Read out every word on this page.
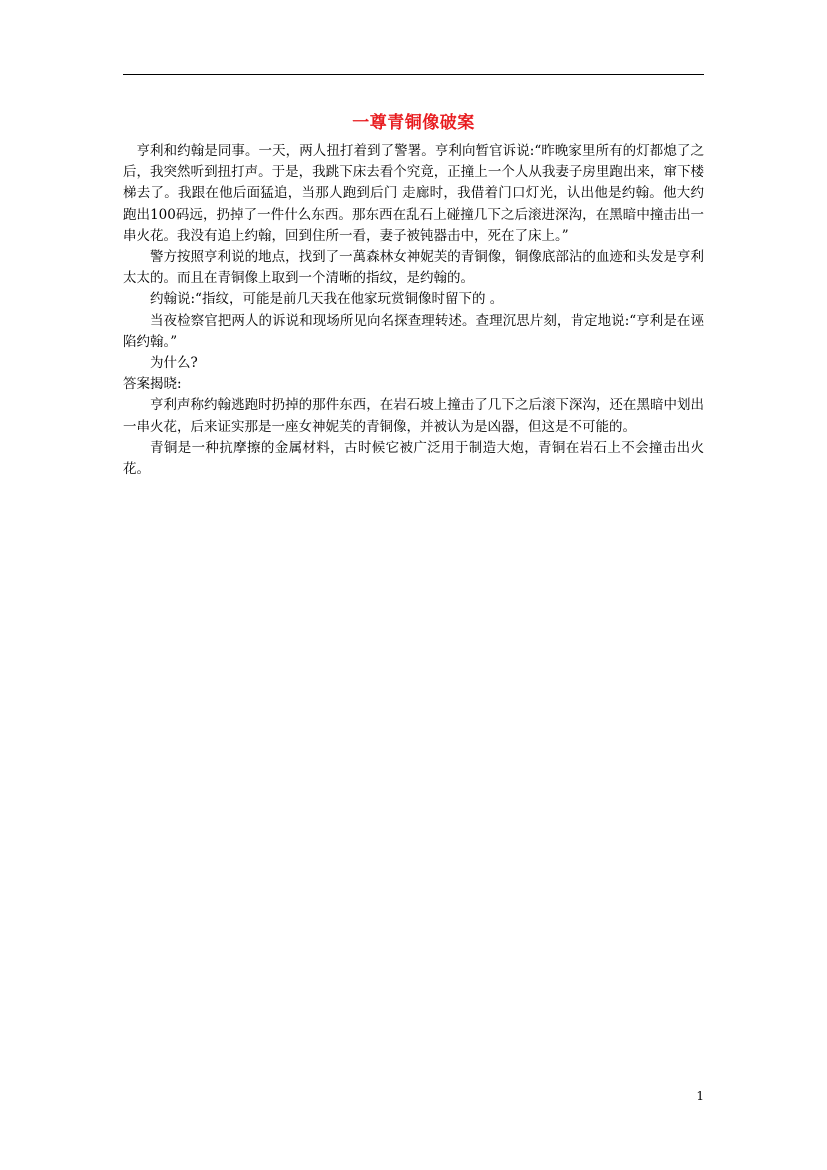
一尊青铜像破案

亨利和约翰是同事。一天，两人扭打着到了警署。亨利向暂官诉说:“昨晚家里所有的灯都熄了之后，我突然听到扭打声。于是，我跳下床去看个究竟，正撞上一个人从我妻子房里跑出来，窜下楼梯去了。我跟在他后面猛追，当那人跑到后门 走廊时，我借着门口灯光，认出他是约翰。他大约跑出100码远，扔掉了一件什么东西。那东西在乱石上碰撞几下之后滚进深沟，在黑暗中撞击出一串火花。我没有追上约翰，回到住所一看，妻子被钝器击中，死在了床上。”

警方按照亨利说的地点，找到了一萬森林女神妮芙的青铜像，铜像底部沾的血迹和头发是亨利太太的。而且在青铜像上取到一个清晰的指纹，是约翰的。

约翰说:“指纹，可能是前几天我在他家玩赏铜像时留下的 。

当夜检察官把两人的诉说和现场所见向名探查理转述。查理沉思片刻，肯定地说:“亨利是在诬陷约翰。”

为什么?

答案揭晓:

亨利声称约翰逃跑时扔掉的那件东西，在岩石坡上撞击了几下之后滚下深沟，还在黑暗中划出一串火花，后来证实那是一座女神妮芙的青铜像，并被认为是凶器，但这是不可能的。

青铜是一种抗摩擦的金属材料，古时候它被广泛用于制造大炮，青铜在岩石上不会撞击出火花。

1
